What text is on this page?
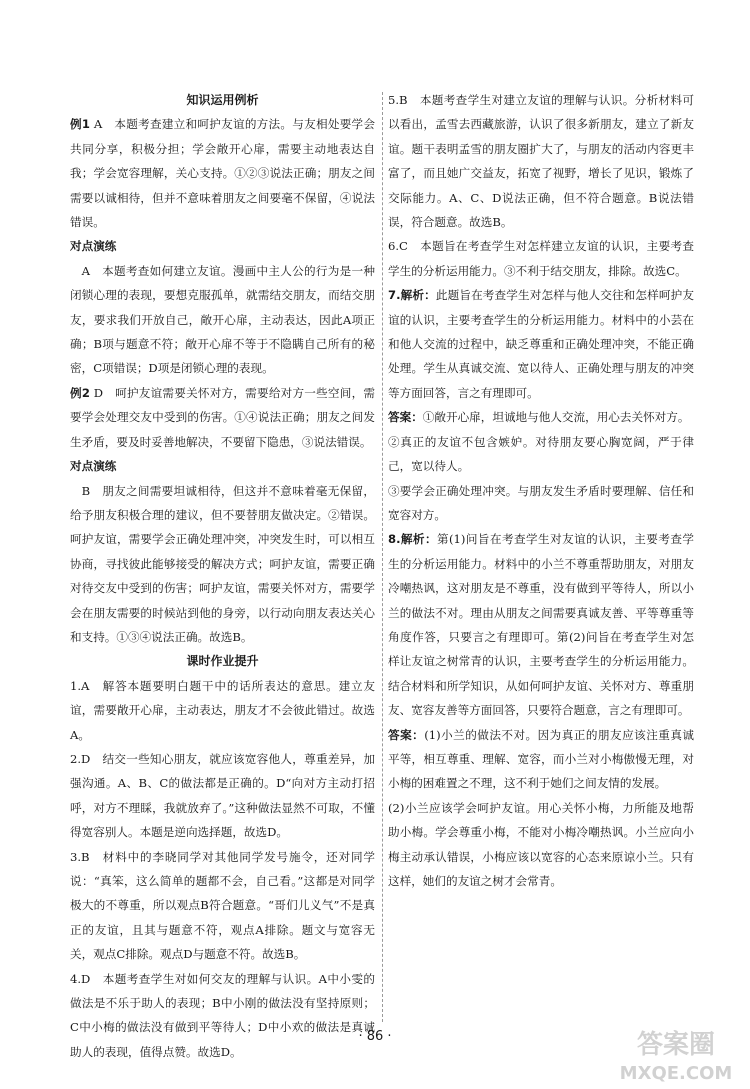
知识运用例析
例1 A　本题考查建立和呵护友谊的方法。与友相处要学会共同分享，积极分担；学会敞开心扉，需要主动地表达自我；学会宽容理解，关心支持。①②③说法正确；朋友之间需要以诚相待，但并不意味着朋友之间要毫不保留，④说法错误。
对点演练
A　本题考查如何建立友谊。漫画中主人公的行为是一种闭锁心理的表现，要想克服孤单，就需结交朋友，而结交朋友，要求我们开放自己，敞开心扉，主动表达，因此A项正确；B项与题意不符；敞开心扉不等于不隐瞒自己所有的秘密，C项错误；D项是闭锁心理的表现。
例2 D　呵护友谊需要关怀对方，需要给对方一些空间，需要学会处理交友中受到的伤害。①④说法正确；朋友之间发生矛盾，要及时妥善地解决，不要留下隐患，③说法错误。
对点演练
B　朋友之间需要坦诚相待，但这并不意味着毫无保留，给予朋友积极合理的建议，但不要替朋友做决定。②错误。呵护友谊，需要学会正确处理冲突，冲突发生时，可以相互协商，寻找彼此能够接受的解决方式；呵护友谊，需要正确对待交友中受到的伤害；呵护友谊，需要关怀对方，需要学会在朋友需要的时候站到他的身旁，以行动向朋友表达关心和支持。①③④说法正确。故选B。
课时作业提升
1.A　解答本题要明白题干中的话所表达的意思。建立友谊，需要敞开心扉，主动表达，朋友才不会彼此错过。故选A。
2.D　结交一些知心朋友，就应该宽容他人，尊重差异，加强沟通。A、B、C的做法都是正确的。D“向对方主动打招呼，对方不理睬，我就放弃了。”这种做法显然不可取，不懂得宽容别人。本题是逆向选择题，故选D。
3.B　材料中的李晓同学对其他同学发号施令，还对同学说：“真笨，这么简单的题都不会，自己看。”这都是对同学极大的不尊重，所以观点B符合题意。“哥们儿义气”不是真正的友谊，且其与题意不符，观点A排除。题文与宽容无关，观点C排除。观点D与题意不符。故选B。
4.D　本题考查学生对如何交友的理解与认识。A中小雯的做法是不乐于助人的表现；B中小刚的做法没有坚持原则；C中小梅的做法没有做到平等待人；D中小欢的做法是真诚助人的表现，值得点赞。故选D。
5.B　本题考查学生对建立友谊的理解与认识。分析材料可以看出，孟雪去西藏旅游，认识了很多新朋友，建立了新友谊。题干表明孟雪的朋友圈扩大了，与朋友的活动内容更丰富了，而且她广交益友，拓宽了视野，增长了见识，锻炼了交际能力。A、C、D说法正确，但不符合题意。B说法错误，符合题意。故选B。
6.C　本题旨在考查学生对怎样建立友谊的认识，主要考查学生的分析运用能力。③不利于结交朋友，排除。故选C。
7.解析：此题旨在考查学生对怎样与他人交往和怎样呵护友谊的认识，主要考查学生的分析运用能力。材料中的小芸在和他人交流的过程中，缺乏尊重和正确处理冲突，不能正确处理。学生从真诚交流、宽以待人、正确处理与朋友的冲突等方面回答，言之有理即可。
答案：①敞开心扉，坦诚地与他人交流，用心去关怀对方。
②真正的友谊不包含嫉妒。对待朋友要心胸宽阔，严于律己，宽以待人。
③要学会正确处理冲突。与朋友发生矛盾时要理解、信任和宽容对方。
8.解析：第(1)问旨在考查学生对友谊的认识，主要考查学生的分析运用能力。材料中的小兰不尊重帮助朋友，对朋友冷嘲热讽，这对朋友是不尊重，没有做到平等待人，所以小兰的做法不对。理由从朋友之间需要真诚友善、平等尊重等角度作答，只要言之有理即可。第(2)问旨在考查学生对怎样让友谊之树常青的认识，主要考查学生的分析运用能力。结合材料和所学知识，从如何呵护友谊、关怀对方、尊重朋友、宽容友善等方面回答，只要符合题意，言之有理即可。
答案：(1)小兰的做法不对。因为真正的朋友应该注重真诚平等，相互尊重、理解、宽容，而小兰对小梅傲慢无理，对小梅的困难置之不理，这不利于她们之间友情的发展。
(2)小兰应该学会呵护友谊。用心关怀小梅，力所能及地帮助小梅。学会尊重小梅，不能对小梅冷嘲热讽。小兰应向小梅主动承认错误，小梅应该以宽容的心态来原谅小兰。只有这样，她们的友谊之树才会常青。
· 86 ·	答案圈
MXQE.COM
